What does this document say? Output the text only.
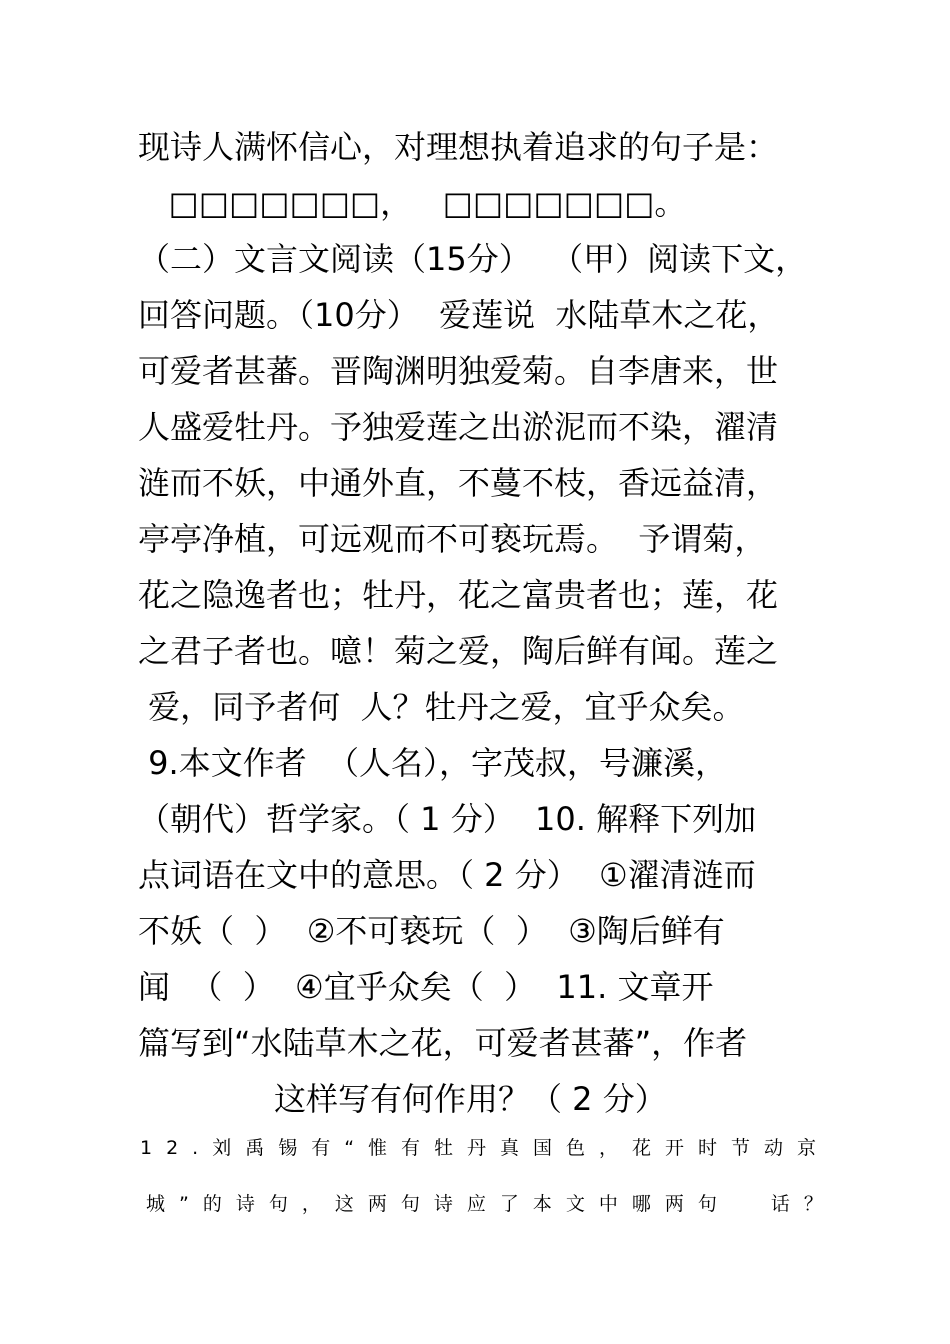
现诗人满怀信心，对理想执着追求的句子是：
□□□□□□□，   □□□□□□□。
（二）文言文阅读（15分）  （甲）阅读下文，
回答问题。（10分）  爱莲说  水陆草木之花，
可爱者甚蕃。晋陶渊明独爱菊。自李唐来，世
人盛爱牡丹。予独爱莲之出淤泥而不染，濯清
涟而不妖，中通外直，不蔓不枝，香远益清，
亭亭净植，可远观而不可亵玩焉。  予谓菊，
花之隐逸者也；牡丹，花之富贵者也；莲，花
之君子者也。噫！菊之爱，陶后鲜有闻。莲之
爱，同予者何  人？牡丹之爱，宜乎众矣。
9.本文作者  （人名），字茂叔，号濂溪，
（朝代）哲学家。（ 1 分）  10. 解释下列加
点词语在文中的意思。（ 2 分）  ①濯清涟而
不妖（  ）  ②不可亵玩（  ）  ③陶后鲜有
闻  （  ）  ④宜乎众矣（  ）  11. 文章开
篇写到“水陆草木之花，可爱者甚蕃”，作者
这样写有何作用？（ 2 分）
12.刘禹锡有“惟有牡丹真国色，花开时节动京
城”的诗句，这两句诗应了本文中哪两句  话？
